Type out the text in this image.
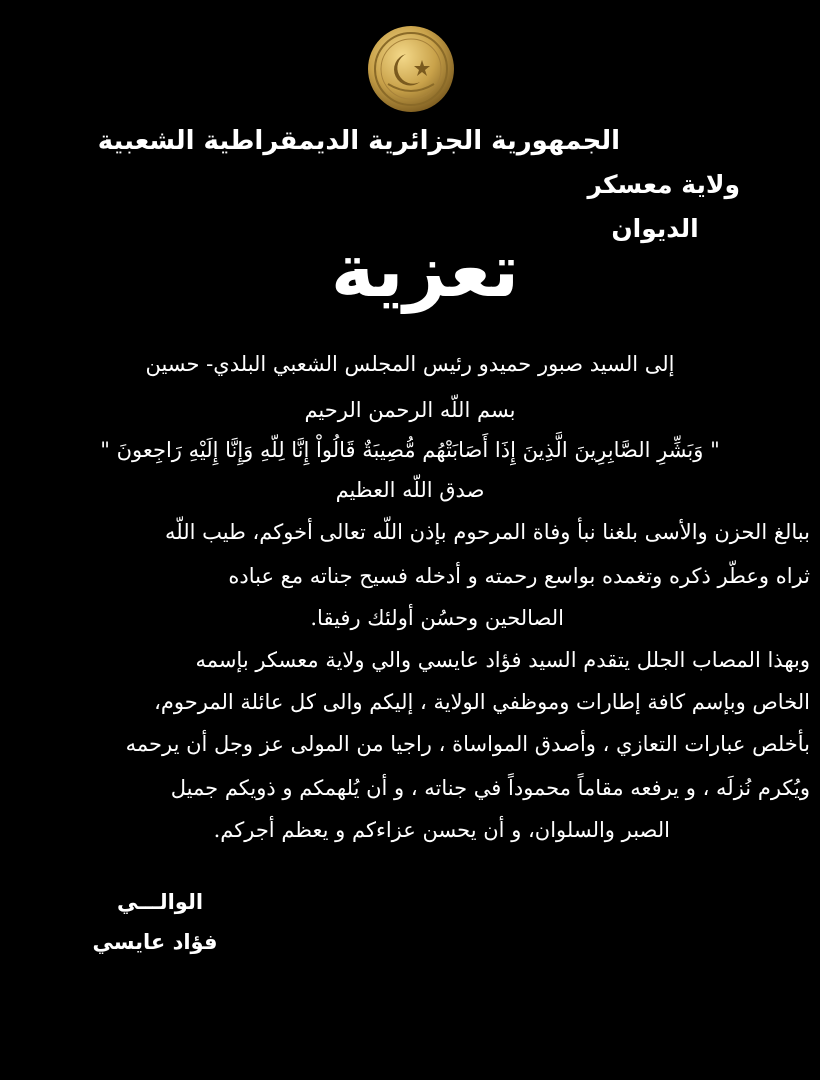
الجمهورية الجزائرية الديمقراطية الشعبية
ولاية معسكر
الديوان
تعزية
إلى السيد صبور حميدو رئيس المجلس الشعبي البلدي- حسين
بسم اللّه الرحمن الرحيم
" وَبَشِّرِ الصَّابِرِينَ الَّذِينَ إِذَا أَصَابَتْهُم مُّصِيبَةٌ قَالُواْ إِنَّا لِلّهِ وَإِنَّا إِلَيْهِ رَاجِعونَ "
صدق اللّه العظيم
ببالغ الحزن والأسى بلغنا نبأ وفاة المرحوم بإذن اللّه تعالى أخوكم، طيب اللّه
ثراه وعطّر ذكره وتغمده بواسع رحمته و أدخله فسيح جناته مع عباده
الصالحين وحسُن أولئك رفيقا.
وبهذا المصاب الجلل يتقدم السيد فؤاد عايسي والي ولاية معسكر بإسمه
الخاص وبإسم كافة إطارات وموظفي الولاية ، إليكم والى كل عائلة المرحوم،
بأخلص عبارات التعازي ، وأصدق المواساة ، راجيا من المولى عز وجل أن يرحمه
ويُكرم نُزلَه ، و يرفعه مقاماً محموداً في جناته ، و أن يُلهمكم و ذويكم جميل
الصبر والسلوان، و أن يحسن عزاءكم و يعظم أجركم.
الوالـــي
فؤاد عايسي
